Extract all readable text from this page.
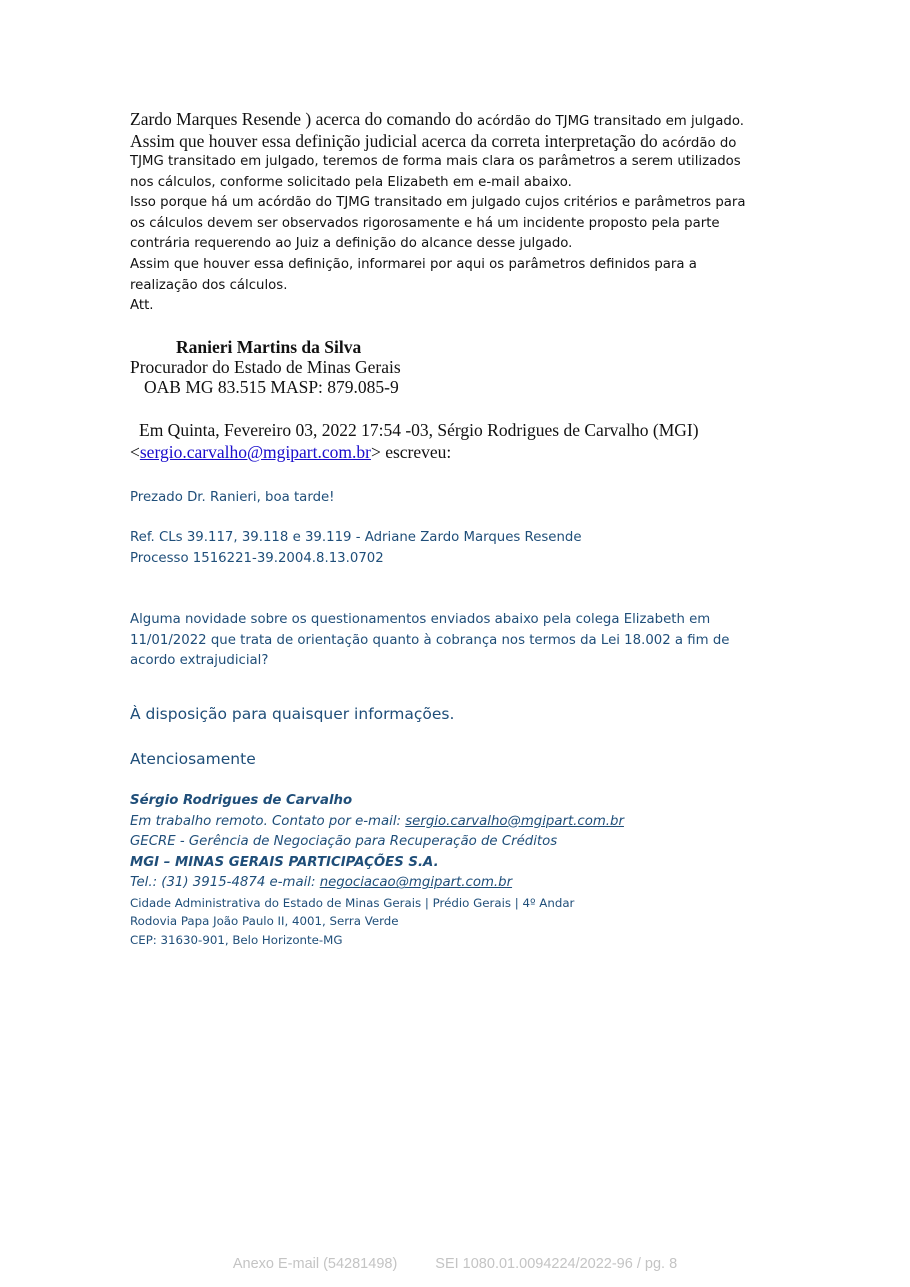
Zardo Marques Resende ) acerca do comando do acórdão do TJMG transitado em julgado.
Assim que houver essa definição judicial acerca da correta interpretação do acórdão do
TJMG transitado em julgado, teremos de forma mais clara os parâmetros a serem utilizados
nos cálculos, conforme solicitado pela Elizabeth em e-mail abaixo.
Isso porque há um acórdão do TJMG transitado em julgado cujos critérios e parâmetros para
os cálculos devem ser observados rigorosamente e há um incidente proposto pela parte
contrária requerendo ao Juiz a definição do alcance desse julgado.
Assim que houver essa definição, informarei por aqui os parâmetros definidos para a
realização dos cálculos.
Att.
Ranieri Martins da Silva
Procurador do Estado de Minas Gerais
OAB MG 83.515 MASP: 879.085-9
Em Quinta, Fevereiro 03, 2022 17:54 -03, Sérgio Rodrigues de Carvalho (MGI)
<sergio.carvalho@mgipart.com.br> escreveu:
Prezado Dr. Ranieri, boa tarde!
Ref. CLs 39.117, 39.118 e 39.119 - Adriane Zardo Marques Resende
Processo 1516221-39.2004.8.13.0702
Alguma novidade sobre os questionamentos enviados abaixo pela colega Elizabeth em
11/01/2022 que trata de orientação quanto à cobrança nos termos da Lei 18.002 a fim de
acordo extrajudicial?
À disposição para quaisquer informações.
Atenciosamente
Sérgio Rodrigues de Carvalho
Em trabalho remoto. Contato por e-mail: sergio.carvalho@mgipart.com.br
GECRE - Gerência de Negociação para Recuperação de Créditos
MGI – MINAS GERAIS PARTICIPAÇÕES S.A.
Tel.: (31) 3915-4874 e-mail: negociacao@mgipart.com.br
Cidade Administrativa do Estado de Minas Gerais | Prédio Gerais | 4º Andar
Rodovia Papa João Paulo II, 4001, Serra Verde
CEP: 31630-901, Belo Horizonte-MG
Anexo E-mail (54281498)	SEI 1080.01.0094224/2022-96 / pg. 8
